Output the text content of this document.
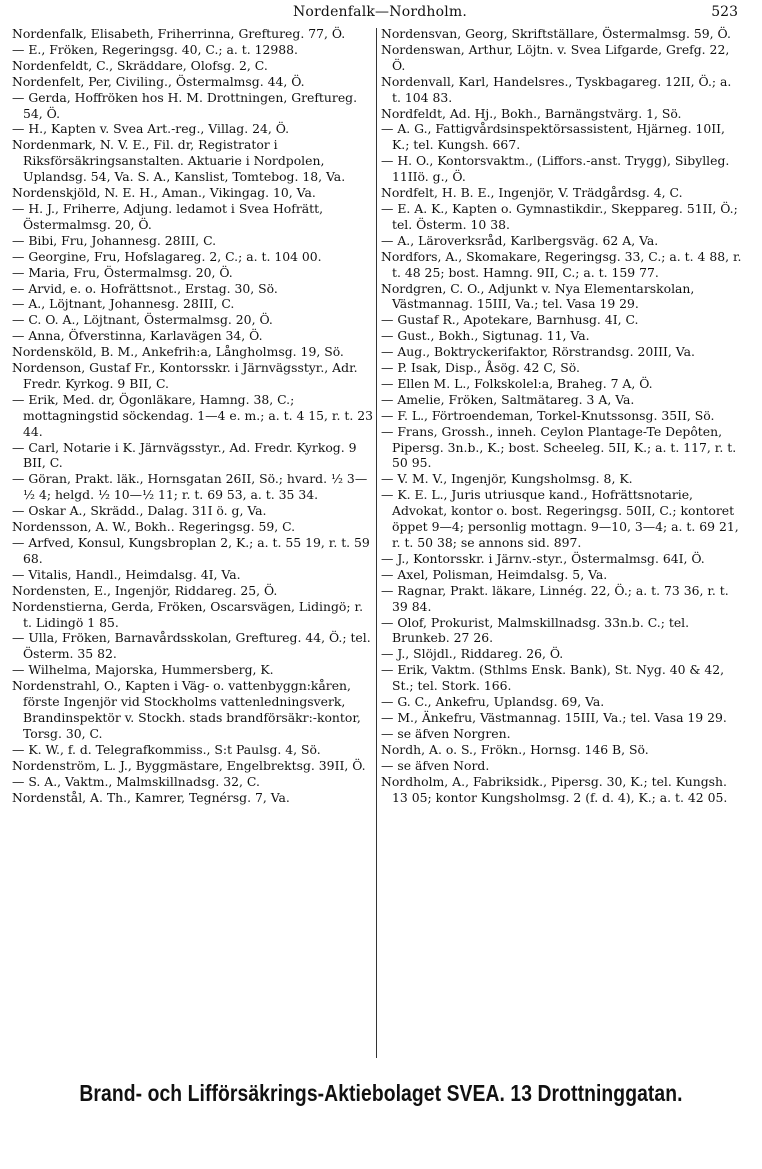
Nordenfalk—Nordholm.	523

Nordenfalk, Elisabeth, Friherrinna, Greftureg. 77, Ö.

— E., Fröken, Regeringsg. 40, C.; a. t. 12988.

Nordenfeldt, C., Skräddare, Olofsg. 2, C.

Nordenfelt, Per, Civiling., Östermalmsg. 44, Ö.

— Gerda, Hoffröken hos H. M. Drottningen, Greftureg. 54, Ö.

— H., Kapten v. Svea Art.-reg., Villag. 24, Ö.

Nordenmark, N. V. E., Fil. dr, Registrator i Riksförsäkringsanstalten. Aktuarie i Nordpolen, Uplandsg. 54, Va. S. A., Kanslist, Tomtebog. 18, Va.

Nordenskjöld, N. E. H., Aman., Vikingag. 10, Va.

— H. J., Friherre, Adjung. ledamot i Svea Hofrätt, Östermalmsg. 20, Ö.

— Bibi, Fru, Johannesg. 28III, C.

— Georgine, Fru, Hofslagareg. 2, C.; a. t. 104 00.

— Maria, Fru, Östermalmsg. 20, Ö.

— Arvid, e. o. Hofrättsnot., Erstag. 30, Sö.

— A., Löjtnant, Johannesg. 28III, C.

— C. O. A., Löjtnant, Östermalmsg. 20, Ö.

— Anna, Öfverstinna, Karlavägen 34, Ö.

Nordensköld, B. M., Ankefrih:a, Långholmsg. 19, Sö.

Nordenson, Gustaf Fr., Kontorsskr. i Järnvägsstyr., Adr. Fredr. Kyrkog. 9 BII, C.

— Erik, Med. dr, Ögonläkare, Hamng. 38, C.; mottagningstid söckendag. 1—4 e. m.; a. t. 4 15, r. t. 23 44.

— Carl, Notarie i K. Järnvägsstyr., Ad. Fredr. Kyrkog. 9 BII, C.

— Göran, Prakt. läk., Hornsgatan 26II, Sö.; hvard. ½ 3—½ 4; helgd. ½ 10—½ 11; r. t. 69 53, a. t. 35 34.

— Oskar A., Skrädd., Dalag. 31I ö. g, Va.

Nordensson, A. W., Bokh.. Regeringsg. 59, C.

— Arfved, Konsul, Kungsbroplan 2, K.; a. t. 55 19, r. t. 59 68.

— Vitalis, Handl., Heimdalsg. 4I, Va.

Nordensten, E., Ingenjör, Riddareg. 25, Ö.

Nordenstierna, Gerda, Fröken, Oscarsvägen, Lidingö; r. t. Lidingö 1 85.

— Ulla, Fröken, Barnavårdsskolan, Greftureg. 44, Ö.; tel. Österm. 35 82.

— Wilhelma, Majorska, Hummersberg, K.

Nordenstrahl, O., Kapten i Väg- o. vattenbyggn:kåren, förste Ingenjör vid Stockholms vattenledningsverk, Brandinspektör v. Stockh. stads brandförsäkr:-kontor, Torsg. 30, C.

— K. W., f. d. Telegrafkommiss., S:t Paulsg. 4, Sö.

Nordenström, L. J., Byggmästare, Engelbrektsg. 39II, Ö.

— S. A., Vaktm., Malmskillnadsg. 32, C.

Nordenstål, A. Th., Kamrer, Tegnérsg. 7, Va.

Nordensvan, Georg, Skriftställare, Östermalmsg. 59, Ö.

Nordenswan, Arthur, Löjtn. v. Svea Lifgarde, Grefg. 22, Ö.

Nordenvall, Karl, Handelsres., Tyskbagareg. 12II, Ö.; a. t. 104 83.

Nordfeldt, Ad. Hj., Bokh., Barnängstvärg. 1, Sö.

— A. G., Fattigvårdsinspektörsassistent, Hjärneg. 10II, K.; tel. Kungsh. 667.

— H. O., Kontorsvaktm., (Liffors.-anst. Trygg), Sibylleg. 11IIö. g., Ö.

Nordfelt, H. B. E., Ingenjör, V. Trädgårdsg. 4, C.

— E. A. K., Kapten o. Gymnastikdir., Skeppareg. 51II, Ö.; tel. Österm. 10 38.

— A., Läroverksråd, Karlbergsväg. 62 A, Va.

Nordfors, A., Skomakare, Regeringsg. 33, C.; a. t. 4 88, r. t. 48 25; bost. Hamng. 9II, C.; a. t. 159 77.

Nordgren, C. O., Adjunkt v. Nya Elementarskolan, Västmannag. 15III, Va.; tel. Vasa 19 29.

— Gustaf R., Apotekare, Barnhusg. 4I, C.

— Gust., Bokh., Sigtunag. 11, Va.

— Aug., Boktryckerifaktor, Rörstrandsg. 20III, Va.

— P. Isak, Disp., Åsög. 42 C, Sö.

— Ellen M. L., Folkskolel:a, Braheg. 7 A, Ö.

— Amelie, Fröken, Saltmätareg. 3 A, Va.

— F. L., Förtroendeman, Torkel-Knutssonsg. 35II, Sö.

— Frans, Grossh., inneh. Ceylon Plantage-Te Depôten, Pipersg. 3n.b., K.; bost. Scheeleg. 5II, K.; a. t. 117, r. t. 50 95.

— V. M. V., Ingenjör, Kungsholmsg. 8, K.

— K. E. L., Juris utriusque kand., Hofrättsnotarie, Advokat, kontor o. bost. Regeringsg. 50II, C.; kontoret öppet 9—4; personlig mottagn. 9—10, 3—4; a. t. 69 21, r. t. 50 38; se annons sid. 897.

— J., Kontorsskr. i Järnv.-styr., Östermalmsg. 64I, Ö.

— Axel, Polisman, Heimdalsg. 5, Va.

— Ragnar, Prakt. läkare, Linnég. 22, Ö.; a. t. 73 36, r. t. 39 84.

— Olof, Prokurist, Malmskillnadsg. 33n.b. C.; tel. Brunkeb. 27 26.

— J., Slöjdl., Riddareg. 26, Ö.

— Erik, Vaktm. (Sthlms Ensk. Bank), St. Nyg. 40 & 42, St.; tel. Stork. 166.

— G. C., Ankefru, Uplandsg. 69, Va.

— M., Änkefru, Västmannag. 15III, Va.; tel. Vasa 19 29.

— se äfven Norgren.

Nordh, A. o. S., Frökn., Hornsg. 146 B, Sö.

— se äfven Nord.

Nordholm, A., Fabriksidk., Pipersg. 30, K.; tel. Kungsh. 13 05; kontor Kungsholmsg. 2 (f. d. 4), K.; a. t. 42 05.

Brand- och Lifförsäkrings-Aktiebolaget SVEA. 13 Drottninggatan.
